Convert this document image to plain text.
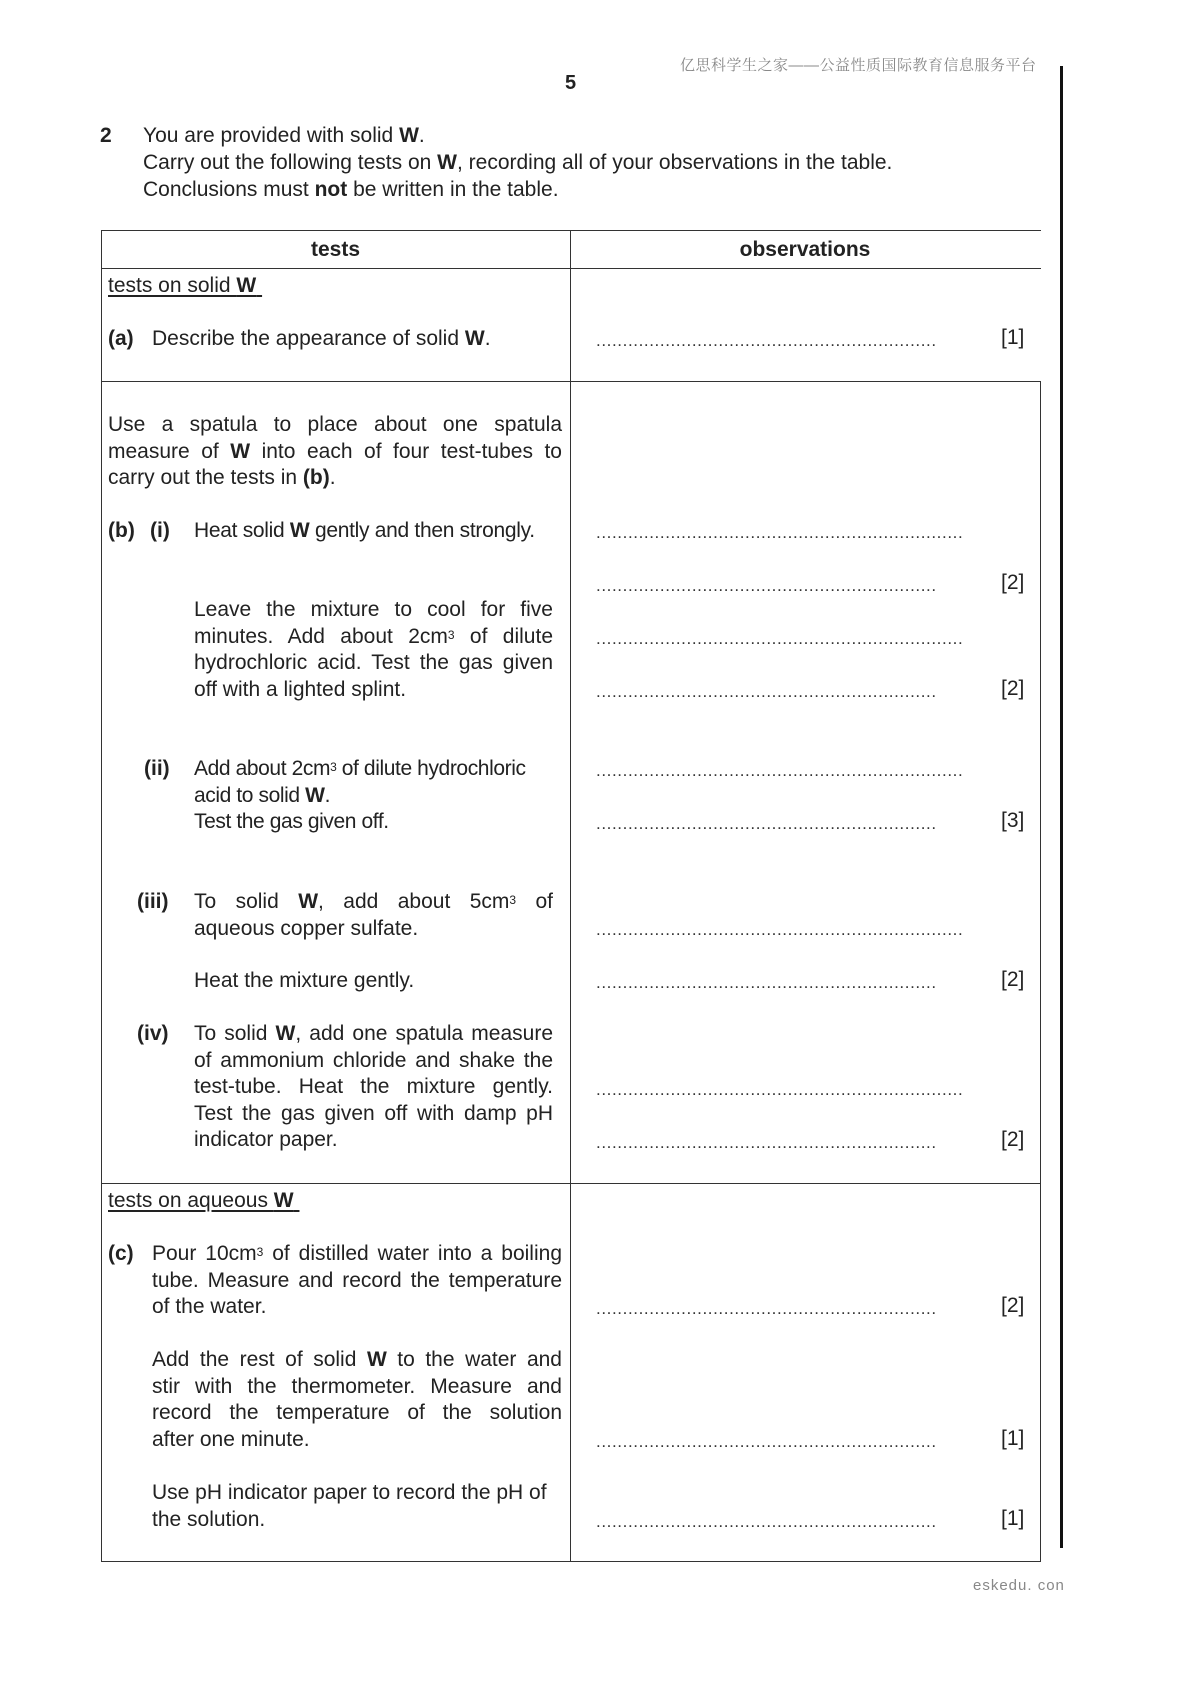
亿思科学生之家——公益性质国际教育信息服务平台
5
eskedu. con
2 You are provided with solid W.
Carry out the following tests on W, recording all of your observations in the table.
Conclusions must not be written in the table.
tests	observations
tests on solid W
(a) Describe the appearance of solid W.	................................................................	[1]
Use a spatula to place about one spatula
measure of W into each of four test-tubes to
carry out the tests in (b).
(b) (i) Heat solid W gently and then strongly.	.....................................................................
................................................................	[2]
Leave the mixture to cool for five
minutes. Add about $2cm^3$ of dilute
hydrochloric acid. Test the gas given
off with a lighted splint.
.....................................................................
................................................................	[2]
(ii) Add about $2cm^3$ of dilute hydrochloric
acid to solid W.
Test the gas given off.
.....................................................................
................................................................	[3]
(iii) To solid W, add about $5cm^3$ of
aqueous copper sulfate.
Heat the mixture gently.
.....................................................................
................................................................	[2]
(iv) To solid W, add one spatula measure
of ammonium chloride and shake the
test-tube. Heat the mixture gently.
Test the gas given off with damp pH
indicator paper.
.....................................................................
................................................................	[2]
tests on aqueous W
(c) Pour $10cm^3$ of distilled water into a boiling
tube. Measure and record the temperature
of the water.	................................................................	[2]
Add the rest of solid W to the water and
stir with the thermometer. Measure and
record the temperature of the solution
after one minute.	................................................................	[1]
Use pH indicator paper to record the pH of
the solution.	................................................................	[1]
